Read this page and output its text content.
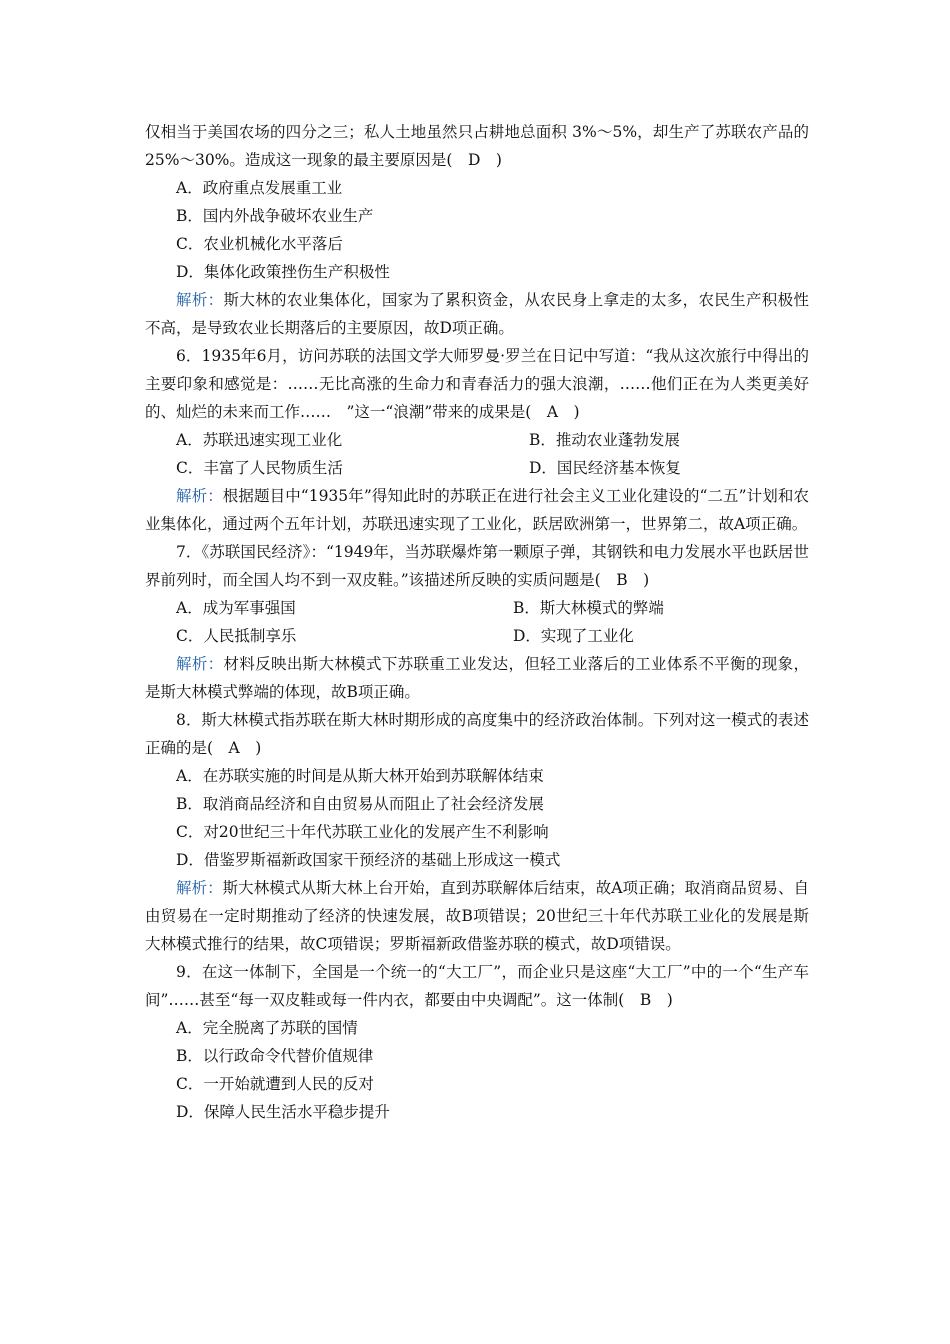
仅相当于美国农场的四分之三；私人土地虽然只占耕地总面积 3%～5%，却生产了苏联农产品的 25%～30%。造成这一现象的最主要原因是(　D　)

A．政府重点发展重工业

B．国内外战争破坏农业生产

C．农业机械化水平落后

D．集体化政策挫伤生产积极性

解析：斯大林的农业集体化，国家为了累积资金，从农民身上拿走的太多，农民生产积极性不高，是导致农业长期落后的主要原因，故D项正确。

6．1935年6月，访问苏联的法国文学大师罗曼·罗兰在日记中写道：“我从这次旅行中得出的主要印象和感觉是：……无比高涨的生命力和青春活力的强大浪潮，……他们正在为人类更美好的、灿烂的未来而工作……　”这一“浪潮”带来的成果是(　A　)

A．苏联迅速实现工业化	B．推动农业蓬勃发展
C．丰富了人民物质生活	D．国民经济基本恢复

解析：根据题目中“1935年”得知此时的苏联正在进行社会主义工业化建设的“二五”计划和农业集体化，通过两个五年计划，苏联迅速实现了工业化，跃居欧洲第一，世界第二，故A项正确。

7．《苏联国民经济》：“1949年，当苏联爆炸第一颗原子弹，其钢铁和电力发展水平也跃居世界前列时，而全国人均不到一双皮鞋。”该描述所反映的实质问题是(　B　)

A．成为军事强国	B．斯大林模式的弊端
C．人民抵制享乐	D．实现了工业化

解析：材料反映出斯大林模式下苏联重工业发达，但轻工业落后的工业体系不平衡的现象，是斯大林模式弊端的体现，故B项正确。

8．斯大林模式指苏联在斯大林时期形成的高度集中的经济政治体制。下列对这一模式的表述正确的是(　A　)

A．在苏联实施的时间是从斯大林开始到苏联解体结束

B．取消商品经济和自由贸易从而阻止了社会经济发展

C．对20世纪三十年代苏联工业化的发展产生不利影响

D．借鉴罗斯福新政国家干预经济的基础上形成这一模式

解析：斯大林模式从斯大林上台开始，直到苏联解体后结束，故A项正确；取消商品贸易、自由贸易在一定时期推动了经济的快速发展，故B项错误；20世纪三十年代苏联工业化的发展是斯大林模式推行的结果，故C项错误；罗斯福新政借鉴苏联的模式，故D项错误。

9．在这一体制下，全国是一个统一的“大工厂”，而企业只是这座“大工厂”中的一个“生产车间”……甚至“每一双皮鞋或每一件内衣，都要由中央调配”。这一体制(　B　)

A．完全脱离了苏联的国情

B．以行政命令代替价值规律

C．一开始就遭到人民的反对

D．保障人民生活水平稳步提升
